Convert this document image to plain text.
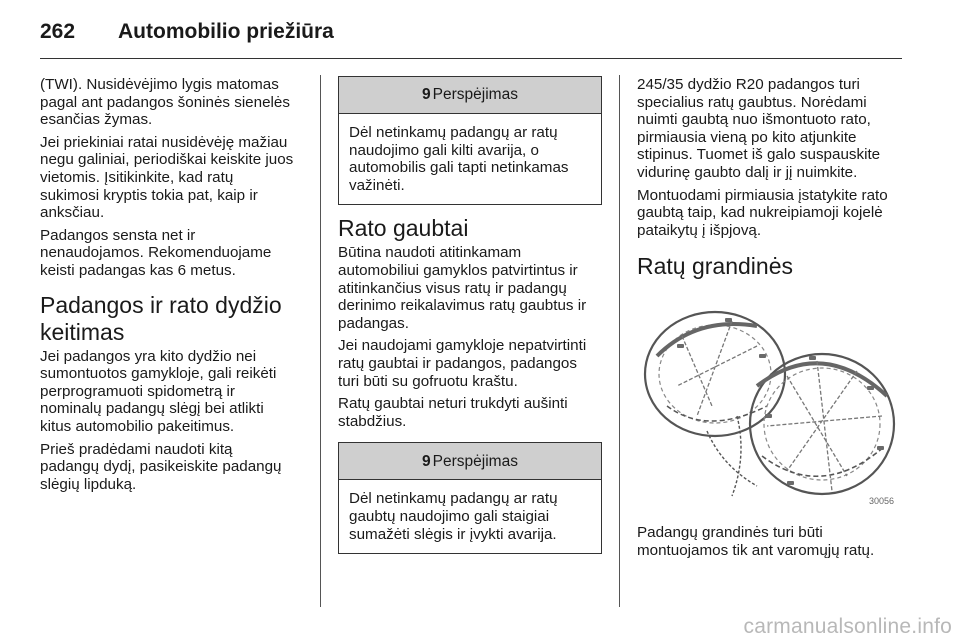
262 Automobilio priežiūra
(TWI). Nusidėvėjimo lygis matomas
pagal ant padangos šoninės sienelės
esančias žymas.
Jei priekiniai ratai nusidėvėję mažiau
negu galiniai, periodiškai keiskite juos
vietomis. Įsitikinkite, kad ratų
sukimosi kryptis tokia pat, kaip ir
anksčiau.
Padangos sensta net ir
nenaudojamos. Rekomenduojame
keisti padangas kas 6 metus.
Padangos ir rato dydžio
keitimas
Jei padangos yra kito dydžio nei
sumontuotos gamykloje, gali reikėti
perprogramuoti spidometrą ir
nominalų padangų slėgį bei atlikti
kitus automobilio pakeitimus.
Prieš pradėdami naudoti kitą
padangų dydį, pasikeiskite padangų
slėgių lipduką.
9 Perspėjimas
Dėl netinkamų padangų ar ratų
naudojimo gali kilti avarija, o
automobilis gali tapti netinkamas
važinėti.
Rato gaubtai
Būtina naudoti atitinkamam
automobiliui gamyklos patvirtintus ir
atitinkančius visus ratų ir padangų
derinimo reikalavimus ratų gaubtus ir
padangas.
Jei naudojami gamykloje nepatvirtinti
ratų gaubtai ir padangos, padangos
turi būti su gofruotu kraštu.
Ratų gaubtai neturi trukdyti aušinti
stabdžius.
9 Perspėjimas
Dėl netinkamų padangų ar ratų
gaubtų naudojimo gali staigiai
sumažėti slėgis ir įvykti avarija.
245/35 dydžio R20 padangos turi
specialius ratų gaubtus. Norėdami
nuimti gaubtą nuo išmontuoto rato,
pirmiausia vieną po kito atjunkite
stipinus. Tuomet iš galo suspauskite
vidurinę gaubto dalį ir jį nuimkite.
Montuodami pirmiausia įstatykite rato
gaubtą taip, kad nukreipiamoji kojelė
pataikytų į išpjovą.
Ratų grandinės
30056
Padangų grandinės turi būti
montuojamos tik ant varomųjų ratų.
carmanualsonline.info
